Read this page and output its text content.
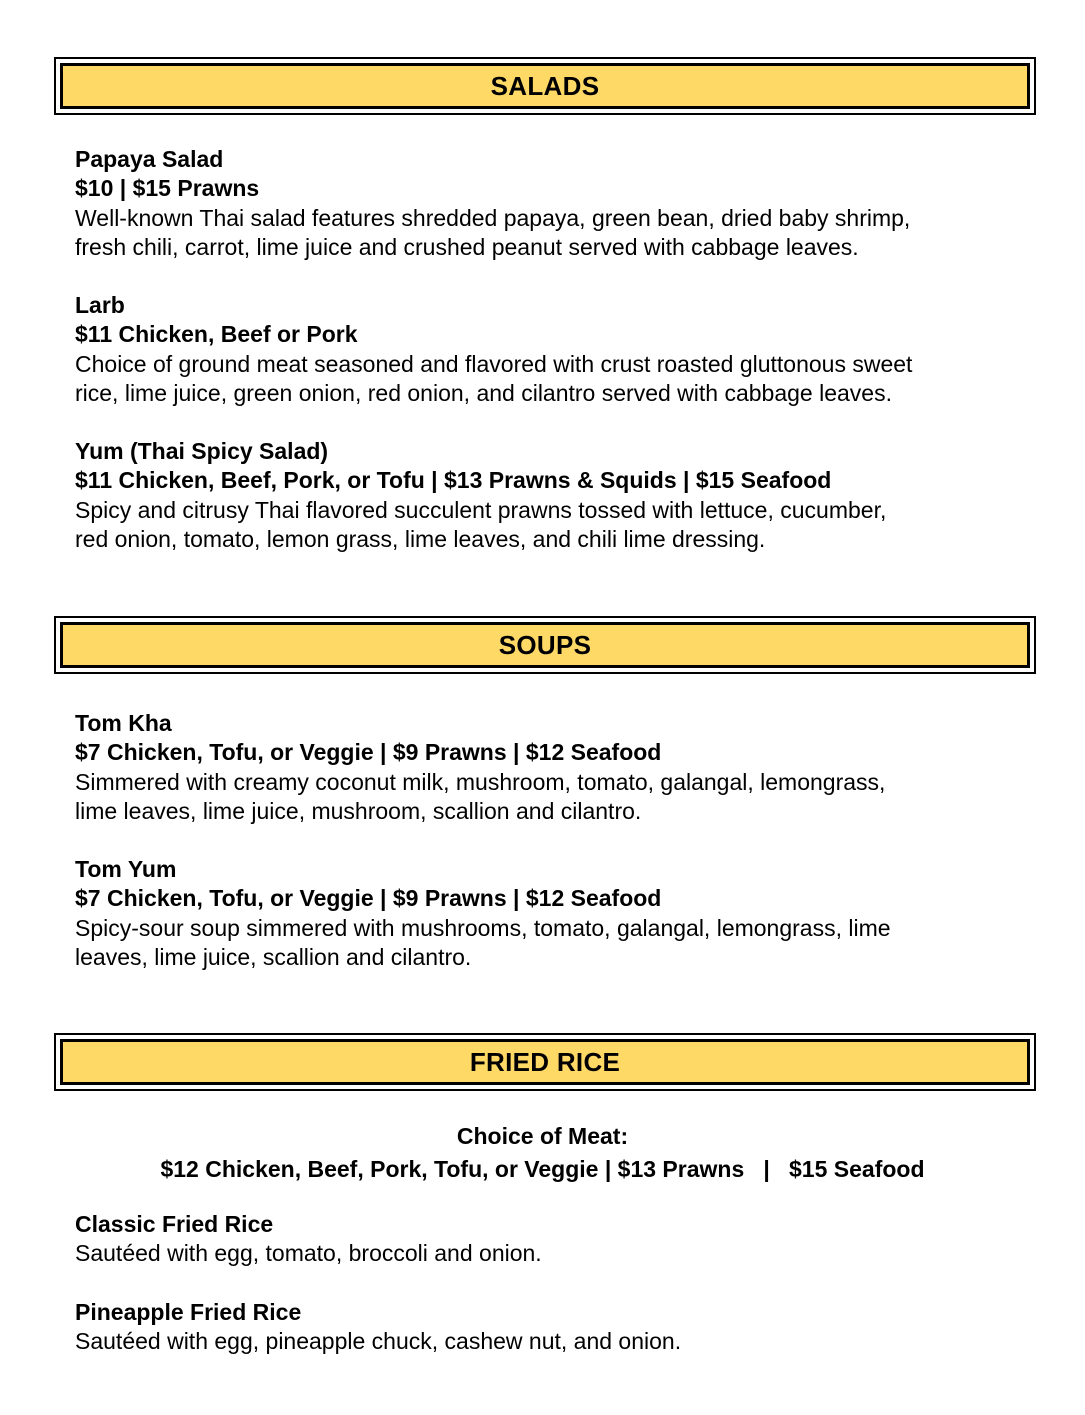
SALADS
Papaya Salad
$10 | $15 Prawns
Well-known Thai salad features shredded papaya, green bean, dried baby shrimp,
fresh chili, carrot, lime juice and crushed peanut served with cabbage leaves.
Larb
$11 Chicken, Beef or Pork
Choice of ground meat seasoned and flavored with crust roasted gluttonous sweet
rice, lime juice, green onion, red onion, and cilantro served with cabbage leaves.
Yum (Thai Spicy Salad)
$11 Chicken, Beef, Pork, or Tofu | $13 Prawns & Squids | $15 Seafood
Spicy and citrusy Thai flavored succulent prawns tossed with lettuce, cucumber,
red onion, tomato, lemon grass, lime leaves, and chili lime dressing.
SOUPS
Tom Kha
$7 Chicken, Tofu, or Veggie | $9 Prawns | $12 Seafood
Simmered with creamy coconut milk, mushroom, tomato, galangal, lemongrass,
lime leaves, lime juice, mushroom, scallion and cilantro.
Tom Yum
$7 Chicken, Tofu, or Veggie | $9 Prawns | $12 Seafood
Spicy-sour soup simmered with mushrooms, tomato, galangal, lemongrass, lime
leaves, lime juice, scallion and cilantro.
FRIED RICE
Choice of Meat:
$12 Chicken, Beef, Pork, Tofu, or Veggie | $13 Prawns   |   $15 Seafood
Classic Fried Rice
Sautéed with egg, tomato, broccoli and onion.
Pineapple Fried Rice
Sautéed with egg, pineapple chuck, cashew nut, and onion.
